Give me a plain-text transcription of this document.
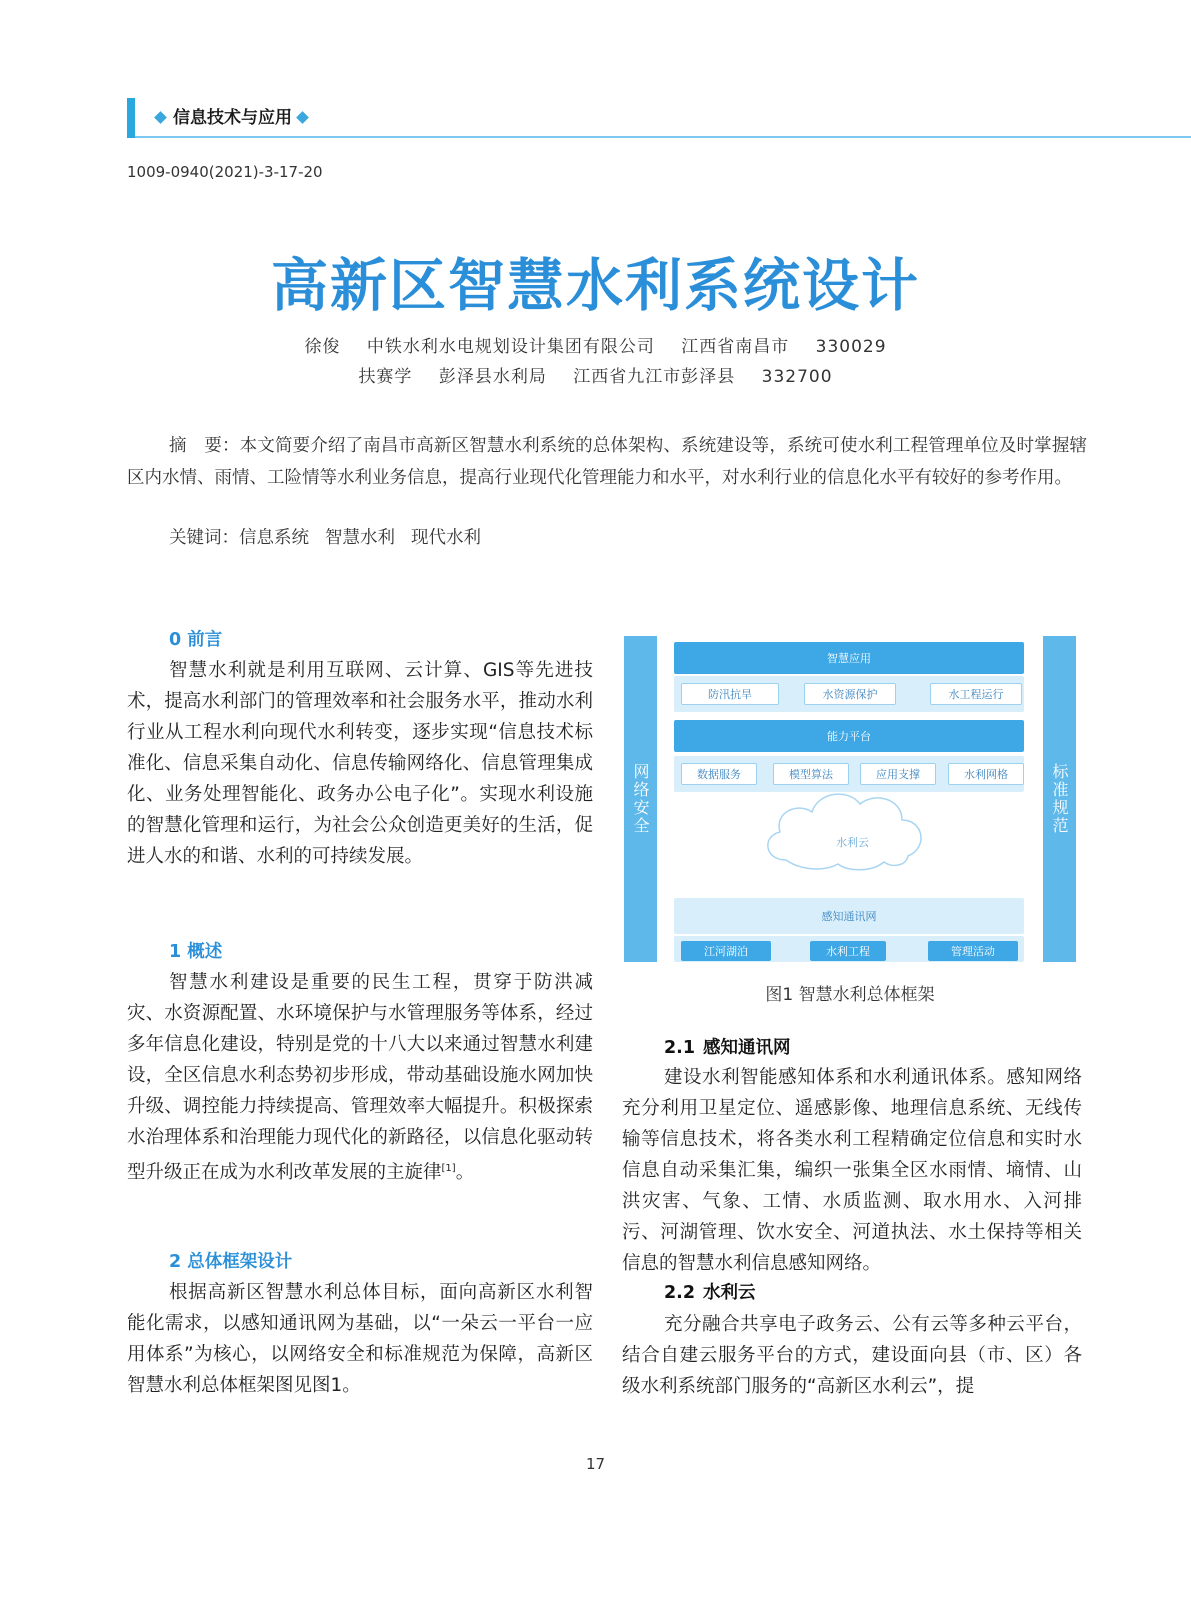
信息技术与应用
1009-0940(2021)-3-17-20
高新区智慧水利系统设计
徐俊 中铁水利水电规划设计集团有限公司 江西省南昌市 330029
扶赛学 彭泽县水利局 江西省九江市彭泽县 332700
摘　要：本文简要介绍了南昌市高新区智慧水利系统的总体架构、系统建设等，系统可使水利工程管理单位及时掌握辖区内水情、雨情、工险情等水利业务信息，提高行业现代化管理能力和水平，对水利行业的信息化水平有较好的参考作用。
关键词：信息系统 智慧水利 现代水利
0 前言
智慧水利就是利用互联网、云计算、GIS等先进技术，提高水利部门的管理效率和社会服务水平，推动水利行业从工程水利向现代水利转变，逐步实现“信息技术标准化、信息采集自动化、信息传输网络化、信息管理集成化、业务处理智能化、政务办公电子化”。实现水利设施的智慧化管理和运行，为社会公众创造更美好的生活，促进人水的和谐、水利的可持续发展。
1 概述
智慧水利建设是重要的民生工程，贯穿于防洪减灾、水资源配置、水环境保护与水管理服务等体系，经过多年信息化建设，特别是党的十八大以来通过智慧水利建设，全区信息水利态势初步形成，带动基础设施水网加快升级、调控能力持续提高、管理效率大幅提升。积极探索水治理体系和治理能力现代化的新路径，以信息化驱动转型升级正在成为水利改革发展的主旋律[1]。
2 总体框架设计
根据高新区智慧水利总体目标，面向高新区水利智能化需求，以感知通讯网为基础，以“一朵云一平台一应用体系”为核心，以网络安全和标准规范为保障，高新区智慧水利总体框架图见图1。
网络安全	标准规范
智慧应用
防汛抗旱	水资源保护	水工程运行
能力平台
数据服务	模型算法	应用支撑	水利网格
水利云
感知通讯网
江河湖泊	水利工程	管理活动
图1 智慧水利总体框架
2.1 感知通讯网
建设水利智能感知体系和水利通讯体系。感知网络充分利用卫星定位、遥感影像、地理信息系统、无线传输等信息技术，将各类水利工程精确定位信息和实时水信息自动采集汇集，编织一张集全区水雨情、墒情、山洪灾害、气象、工情、水质监测、取水用水、入河排污、河湖管理、饮水安全、河道执法、水土保持等相关信息的智慧水利信息感知网络。
2.2 水利云
充分融合共享电子政务云、公有云等多种云平台，结合自建云服务平台的方式，建设面向县（市、区）各级水利系统部门服务的“高新区水利云”，提
17
